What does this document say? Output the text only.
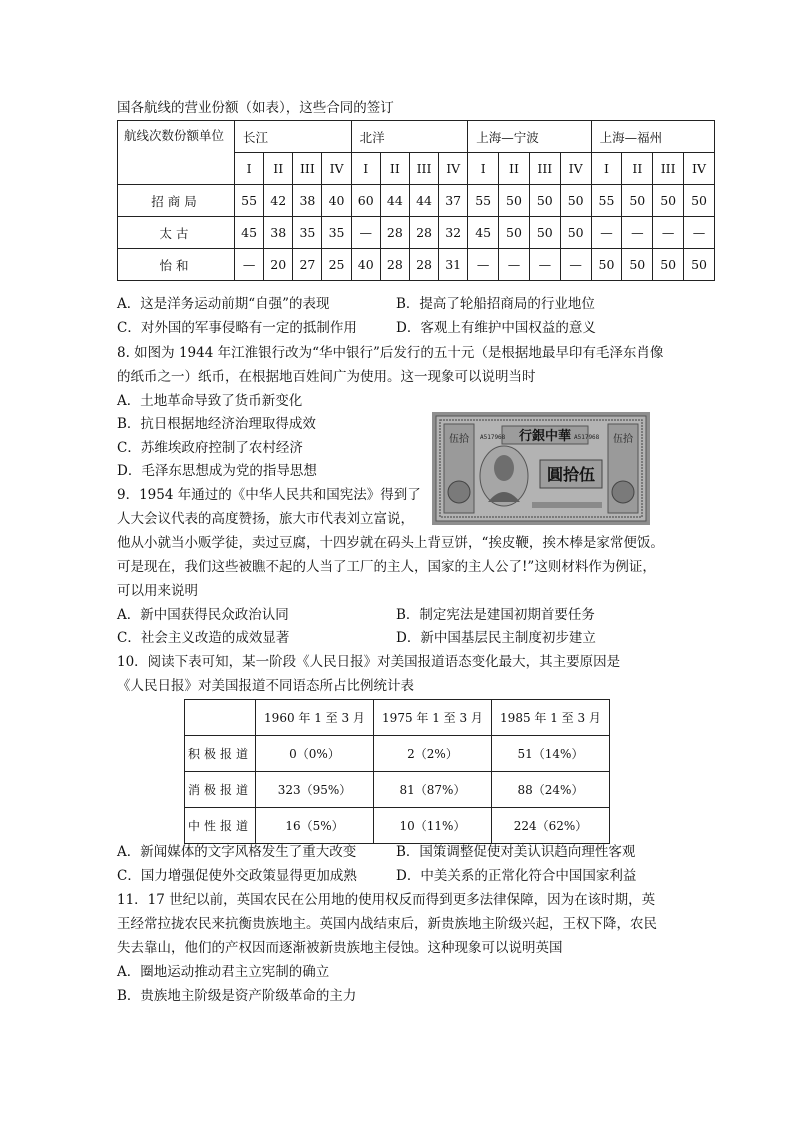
国各航线的营业份额（如表），这些合同的签订
航线次数份额单位	长江				北洋				上海—宁波				上海—福州			
	I	II	III	IV	I	II	III	IV	I	II	III	IV	I	II	III	IV
招商局	55	42	38	40	60	44	44	37	55	50	50	50	55	50	50	50
太古	45	38	35	35	—	28	28	32	45	50	50	50	—	—	—	—
怡和	—	20	27	25	40	28	28	31	—	—	—	—	50	50	50	50
A．这是洋务运动前期“自强”的表现	B．提高了轮船招商局的行业地位
C．对外国的军事侵略有一定的抵制作用	D．客观上有维护中国权益的意义
8. 如图为 1944 年江淮银行改为“华中银行”后发行的五十元（是根据地最早印有毛泽东肖像
的纸币之一）纸币，在根据地百姓间广为使用。这一现象可以说明当时
A．土地革命导致了货币新变化
B．抗日根据地经济治理取得成效
C．苏维埃政府控制了农村经济
D．毛泽东思想成为党的指导思想
伍拾	伍拾
行銀中華
A517968	A517968
圓拾伍
9．1954 年通过的《中华人民共和国宪法》得到了
人大会议代表的高度赞扬，旅大市代表刘立富说，
他从小就当小贩学徒，卖过豆腐，十四岁就在码头上背豆饼，“挨皮鞭，挨木棒是家常便饭。
可是现在，我们这些被瞧不起的人当了工厂的主人，国家的主人公了!”这则材料作为例证，
可以用来说明
A．新中国获得民众政治认同	B．制定宪法是建国初期首要任务
C．社会主义改造的成效显著	D．新中国基层民主制度初步建立
10．阅读下表可知，某一阶段《人民日报》对美国报道语态变化最大，其主要原因是
《人民日报》对美国报道不同语态所占比例统计表
	1960 年 1 至 3 月	1975 年 1 至 3 月	1985 年 1 至 3 月
积极报道	0（0%）	2（2%）	51（14%）
消极报道	323（95%）	81（87%）	88（24%）
中性报道	16（5%）	10（11%）	224（62%）
A．新闻媒体的文字风格发生了重大改变	B．国策调整促使对美认识趋向理性客观
C．国力增强促使外交政策显得更加成熟	D．中美关系的正常化符合中国国家利益
11．17 世纪以前，英国农民在公用地的使用权反而得到更多法律保障，因为在该时期，英
王经常拉拢农民来抗衡贵族地主。英国内战结束后，新贵族地主阶级兴起，王权下降，农民
失去靠山，他们的产权因而逐渐被新贵族地主侵蚀。这种现象可以说明英国
A．圈地运动推动君主立宪制的确立
B．贵族地主阶级是资产阶级革命的主力
